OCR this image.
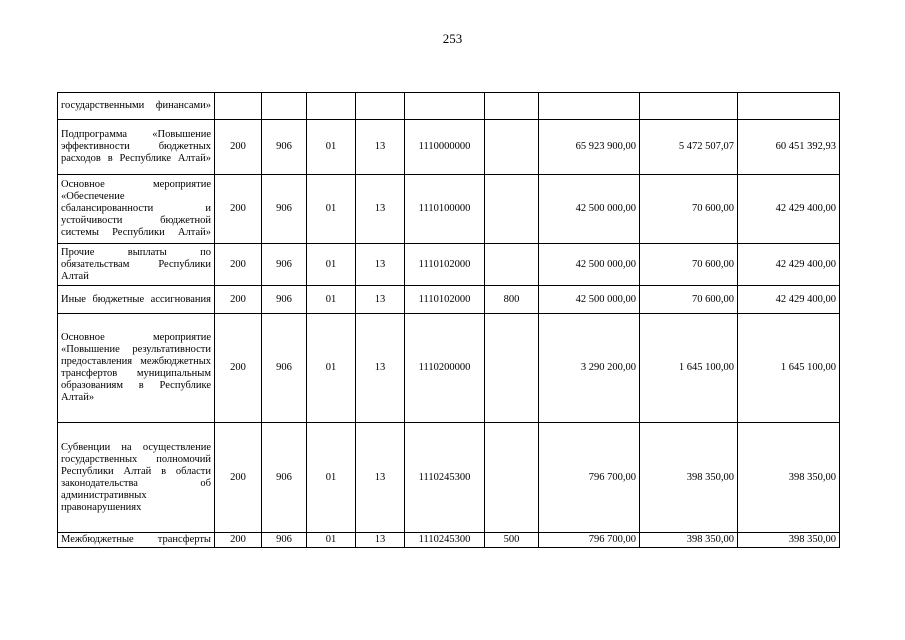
253
государственными финансами»									
Подпрограмма «Повышение эффективности бюджетных расходов в Республике Алтай»	200	906	01	13	1110000000		65 923 900,00	5 472 507,07	60 451 392,93
Основное мероприятие «Обеспечение сбалансированности и устойчивости бюджетной системы Республики Алтай»	200	906	01	13	1110100000		42 500 000,00	70 600,00	42 429 400,00
Прочие выплаты по обязательствам Республики Алтай	200	906	01	13	1110102000		42 500 000,00	70 600,00	42 429 400,00
Иные бюджетные ассигнования	200	906	01	13	1110102000	800	42 500 000,00	70 600,00	42 429 400,00
Основное мероприятие «Повышение результативности предоставления межбюджетных трансфертов муниципальным образованиям в Республике Алтай»	200	906	01	13	1110200000		3 290 200,00	1 645 100,00	1 645 100,00
Субвенции на осуществление государственных полномочий Республики Алтай в области законодательства об административных правонарушениях	200	906	01	13	1110245300		796 700,00	398 350,00	398 350,00
Межбюджетные трансферты	200	906	01	13	1110245300	500	796 700,00	398 350,00	398 350,00
